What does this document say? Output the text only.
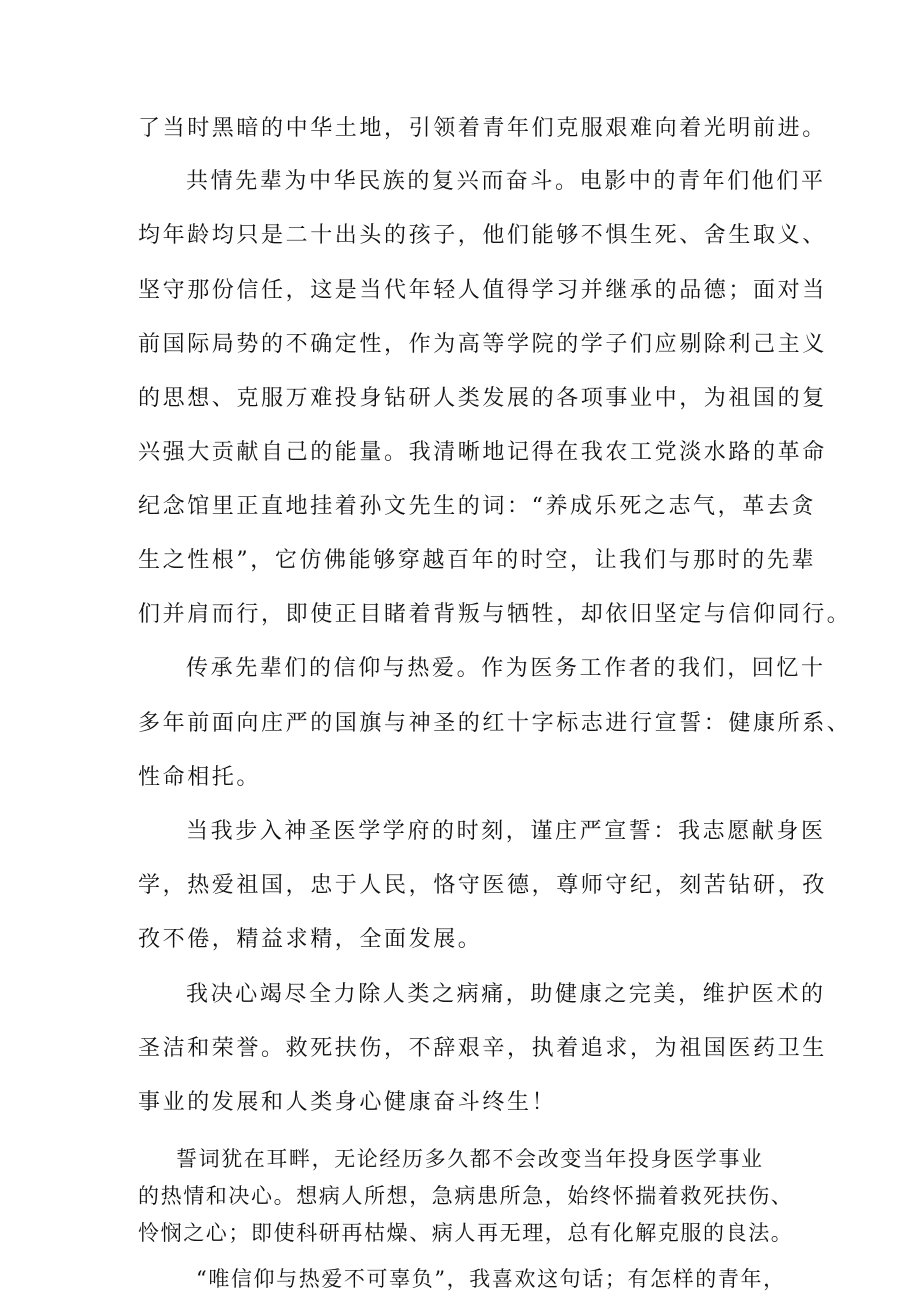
了当时黑暗的中华土地，引领着青年们克服艰难向着光明前进。
共情先辈为中华民族的复兴而奋斗。电影中的青年们他们平
均年龄均只是二十出头的孩子，他们能够不惧生死、舍生取义、
坚守那份信任，这是当代年轻人值得学习并继承的品德；面对当
前国际局势的不确定性，作为高等学院的学子们应剔除利己主义
的思想、克服万难投身钻研人类发展的各项事业中，为祖国的复
兴强大贡献自己的能量。我清晰地记得在我农工党淡水路的革命
纪念馆里正直地挂着孙文先生的词：“养成乐死之志气，革去贪
生之性根”，它仿佛能够穿越百年的时空，让我们与那时的先辈
们并肩而行，即使正目睹着背叛与牺牲，却依旧坚定与信仰同行。
传承先辈们的信仰与热爱。作为医务工作者的我们，回忆十
多年前面向庄严的国旗与神圣的红十字标志进行宣誓：健康所系、
性命相托。
当我步入神圣医学学府的时刻，谨庄严宣誓：我志愿献身医
学，热爱祖国，忠于人民，恪守医德，尊师守纪，刻苦钻研，孜
孜不倦，精益求精，全面发展。
我决心竭尽全力除人类之病痛，助健康之完美，维护医术的
圣洁和荣誉。救死扶伤，不辞艰辛，执着追求，为祖国医药卫生
事业的发展和人类身心健康奋斗终生！
誓词犹在耳畔，无论经历多久都不会改变当年投身医学事业
的热情和决心。想病人所想，急病患所急，始终怀揣着救死扶伤、
怜悯之心；即使科研再枯燥、病人再无理，总有化解克服的良法。
“唯信仰与热爱不可辜负”，我喜欢这句话；有怎样的青年，
